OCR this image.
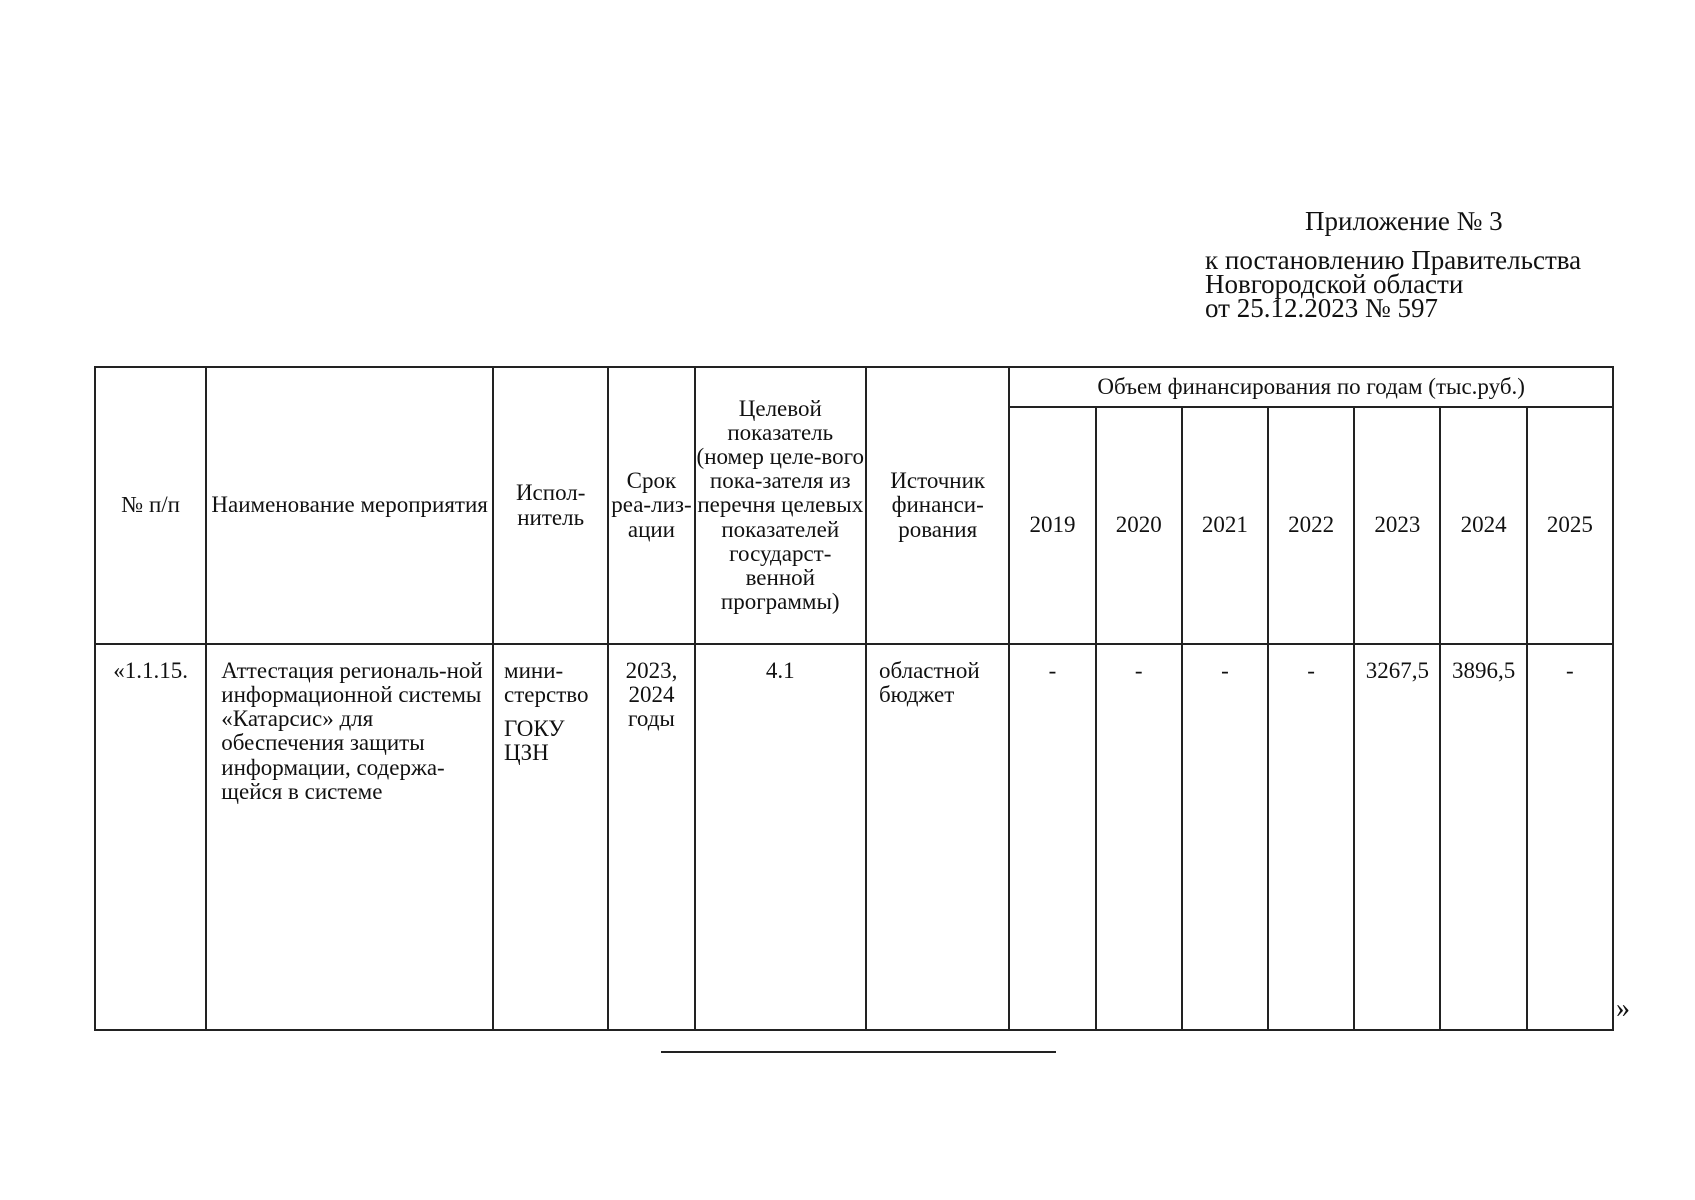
Приложение № 3
к постановлению Правительства
Новгородской области
от 25.12.2023 № 597
№ п/п	Наименование мероприятия	Испол-нитель	Срок реа-лиз-ации	Целевой показатель (номер целе-вого пока-зателя из перечня целевых показателей государст-венной программы)	Источник финанси-рования	Объем финансирования по годам (тыс.руб.)						
						2019	2020	2021	2022	2023	2024	2025
«1.1.15.	Аттестация региональ-ной информационной системы «Катарсис» для обеспечения защиты информации, содержа-щейся в системе	мини-стерство
ГОКУ ЦЗН	2023, 2024 годы	4.1	областной бюджет	-	-	-	-	3267,5	3896,5	-
»
